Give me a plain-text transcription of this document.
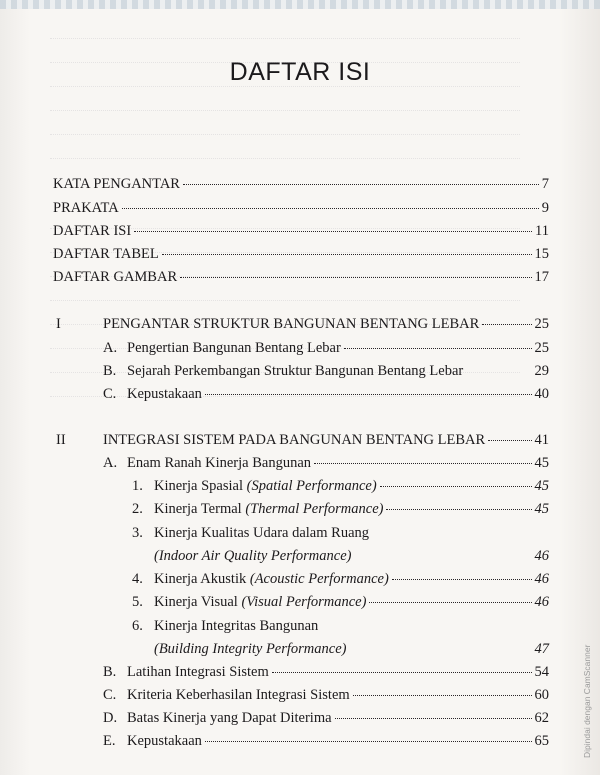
DAFTAR ISI
KATA PENGANTAR	7
PRAKATA	9
DAFTAR ISI	11
DAFTAR TABEL	15
DAFTAR GAMBAR	17
I	PENGANTAR STRUKTUR BANGUNAN BENTANG LEBAR	25
A. Pengertian Bangunan Bentang Lebar	25
B. Sejarah Perkembangan Struktur Bangunan Bentang Lebar	29
C. Kepustakaan	40
II	INTEGRASI SISTEM PADA BANGUNAN BENTANG LEBAR	41
A. Enam Ranah Kinerja Bangunan	45
1. Kinerja Spasial (Spatial Performance)	45
2. Kinerja Termal (Thermal Performance)	45
3. Kinerja Kualitas Udara dalam Ruang
(Indoor Air Quality Performance)	46
4. Kinerja Akustik (Acoustic Performance)	46
5. Kinerja Visual (Visual Performance)	46
6. Kinerja Integritas Bangunan
(Building Integrity Performance)	47
B. Latihan Integrasi Sistem	54
C. Kriteria Keberhasilan Integrasi Sistem	60
D. Batas Kinerja yang Dapat Diterima	62
E. Kepustakaan	65	Dipindai dengan CamScanner
